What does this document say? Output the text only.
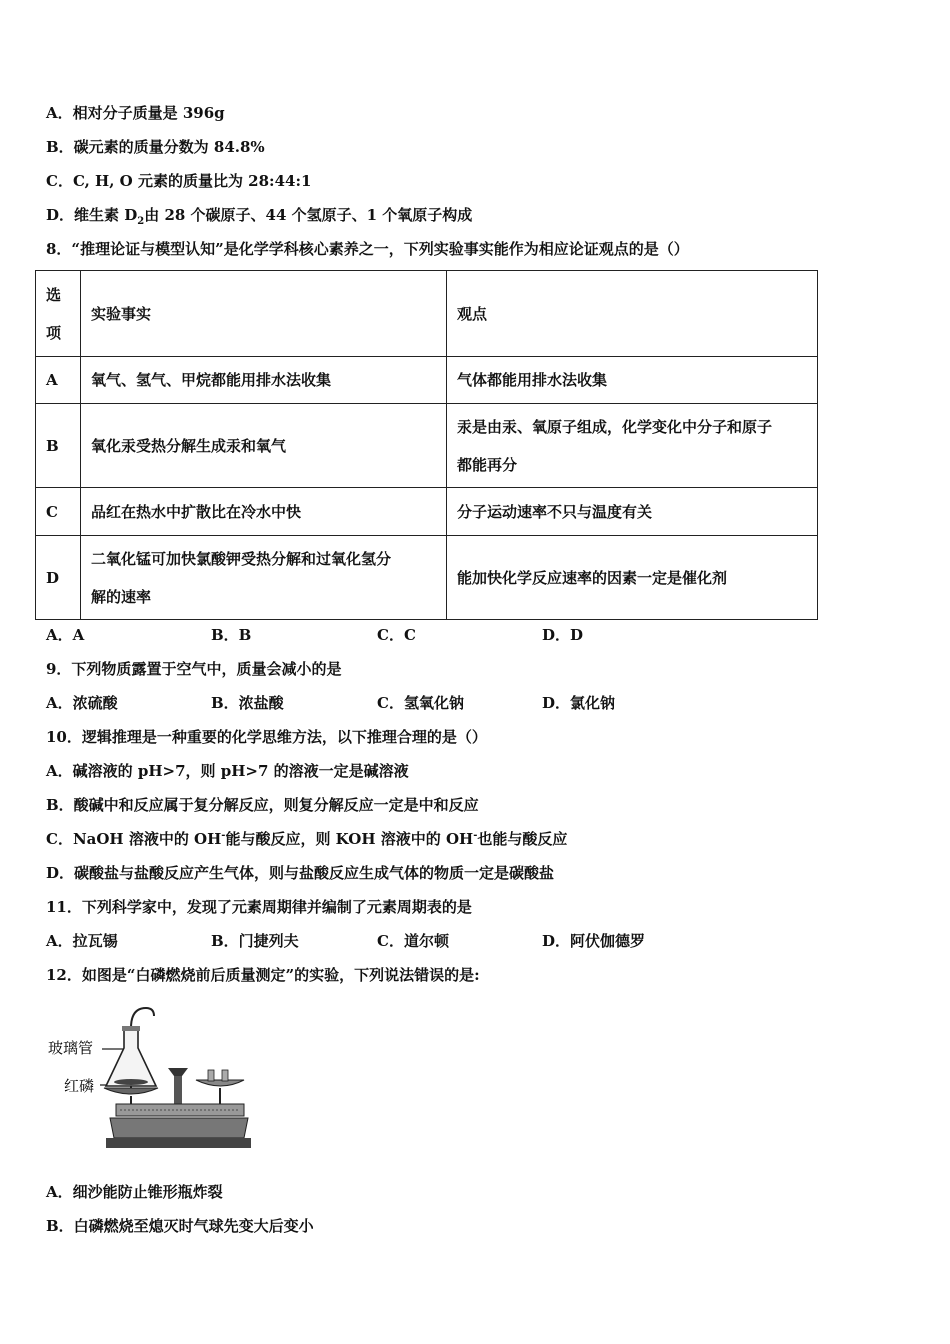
A．相对分子质量是 396g
B．碳元素的质量分数为 84.8%
C．C, H, O 元素的质量比为 28:44:1
D．维生素 $D_2$由 28 个碳原子、44 个氢原子、1 个氧原子构成
8．“推理论证与模型认知”是化学学科核心素养之一，下列实验事实能作为相应论证观点的是（）
选
项	实验事实	观点
A	氧气、氢气、甲烷都能用排水法收集	气体都能用排水法收集
B	氧化汞受热分解生成汞和氧气	汞是由汞、氧原子组成，化学变化中分子和原子
都能再分

C	品红在热水中扩散比在冷水中快	分子运动速率不只与温度有关
D	二氧化锰可加快氯酸钾受热分解和过氧化氢分
解的速率	能加快化学反应速率的因素一定是催化剂
A．A	B．B	C．C	D．D
9．下列物质露置于空气中，质量会减小的是
A．浓硫酸	B．浓盐酸	C．氢氧化钠	D．氯化钠
10．逻辑推理是一种重要的化学思维方法，以下推理合理的是（）
A．碱溶液的 pH>7，则 pH>7 的溶液一定是碱溶液
B．酸碱中和反应属于复分解反应，则复分解反应一定是中和反应
C．NaOH 溶液中的 OH-能与酸反应，则 KOH 溶液中的 OH-也能与酸反应
D．碳酸盐与盐酸反应产生气体，则与盐酸反应生成气体的物质一定是碳酸盐
11．下列科学家中，发现了元素周期律并编制了元素周期表的是
A．拉瓦锡	B．门捷列夫	C．道尔顿	D．阿伏伽德罗
12．如图是“白磷燃烧前后质量测定”的实验，下列说法错误的是:
玻璃管
红磷
A．细沙能防止锥形瓶炸裂
B．白磷燃烧至熄灭时气球先变大后变小
